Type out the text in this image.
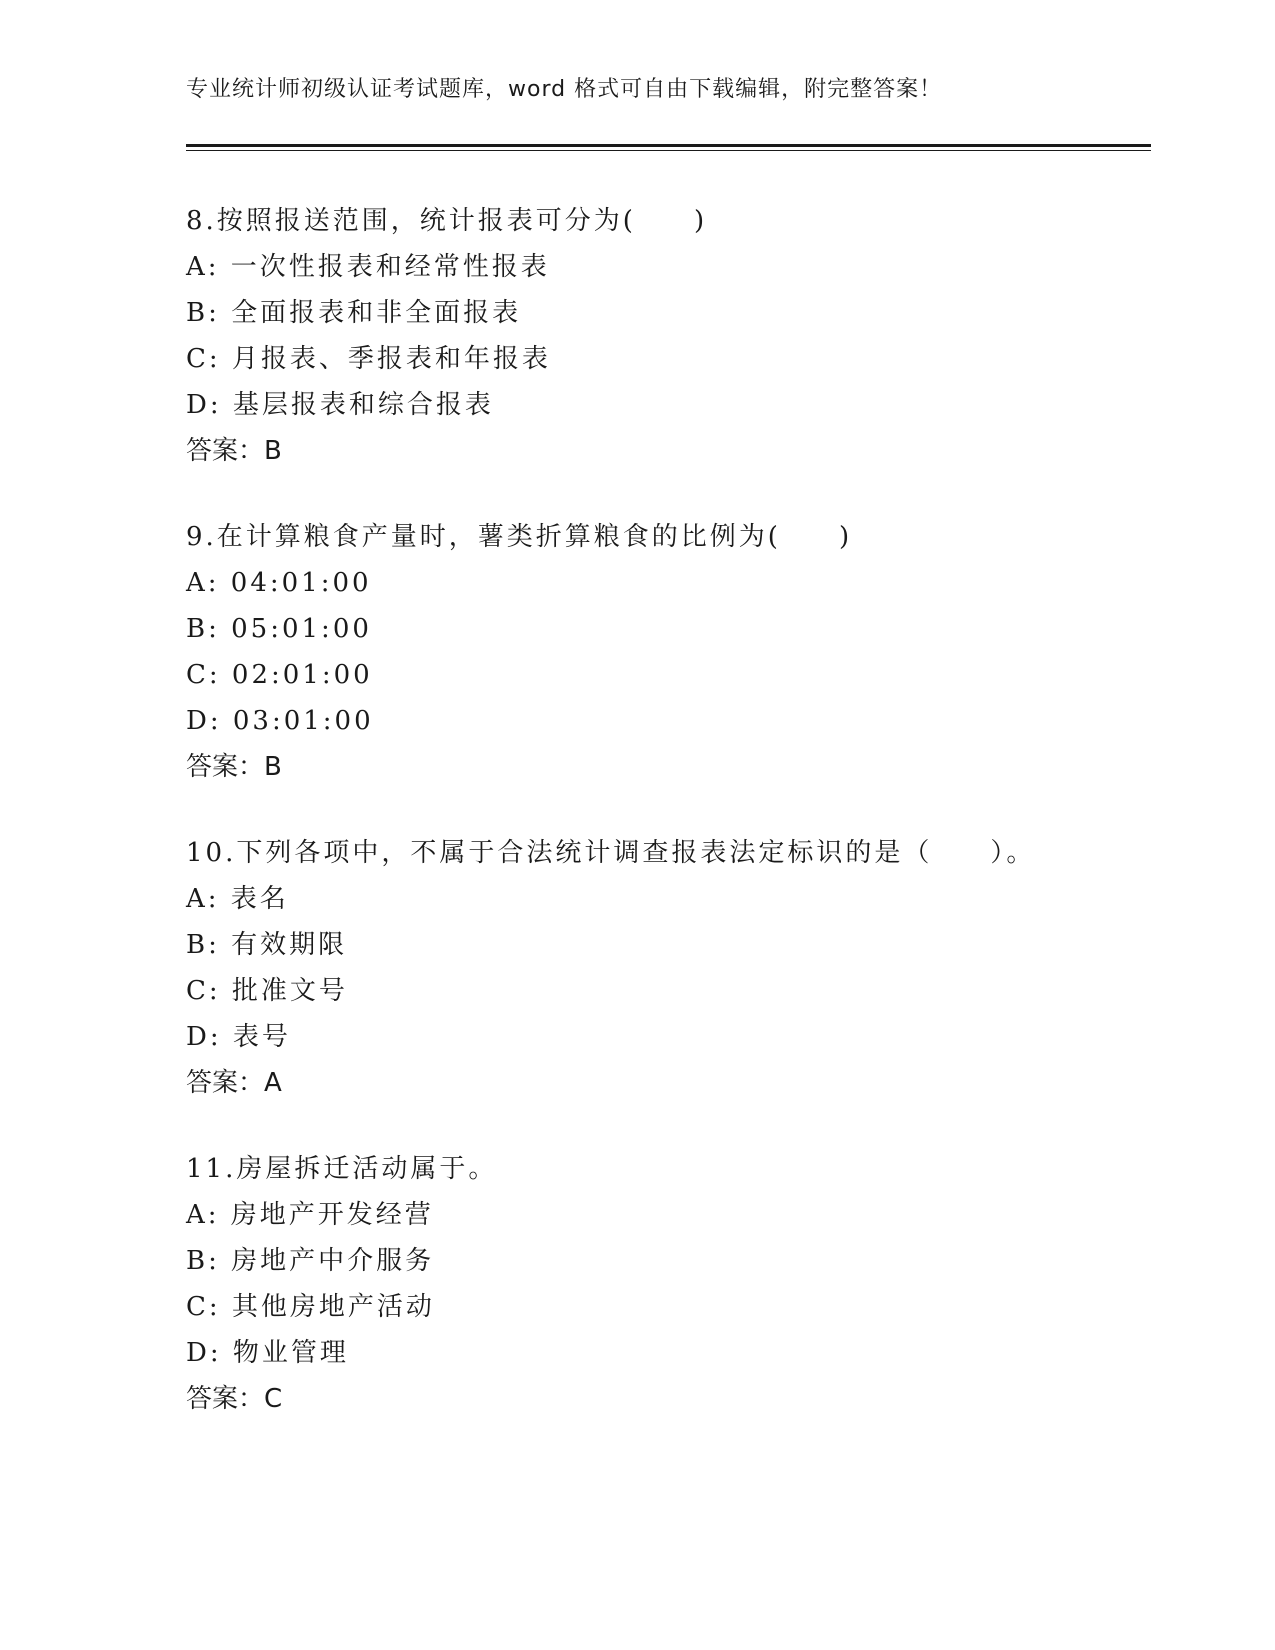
专业统计师初级认证考试题库，word 格式可自由下载编辑，附完整答案！
8.按照报送范围，统计报表可分为(　　)
A: 一次性报表和经常性报表
B: 全面报表和非全面报表
C: 月报表、季报表和年报表
D: 基层报表和综合报表
答案：B
9.在计算粮食产量时，薯类折算粮食的比例为(　　)
A: 04:01:00
B: 05:01:00
C: 02:01:00
D: 03:01:00
答案：B
10.下列各项中，不属于合法统计调查报表法定标识的是（　　）。
A: 表名
B: 有效期限
C: 批准文号
D: 表号
答案：A
11.房屋拆迁活动属于。
A: 房地产开发经营
B: 房地产中介服务
C: 其他房地产活动
D: 物业管理
答案：C
